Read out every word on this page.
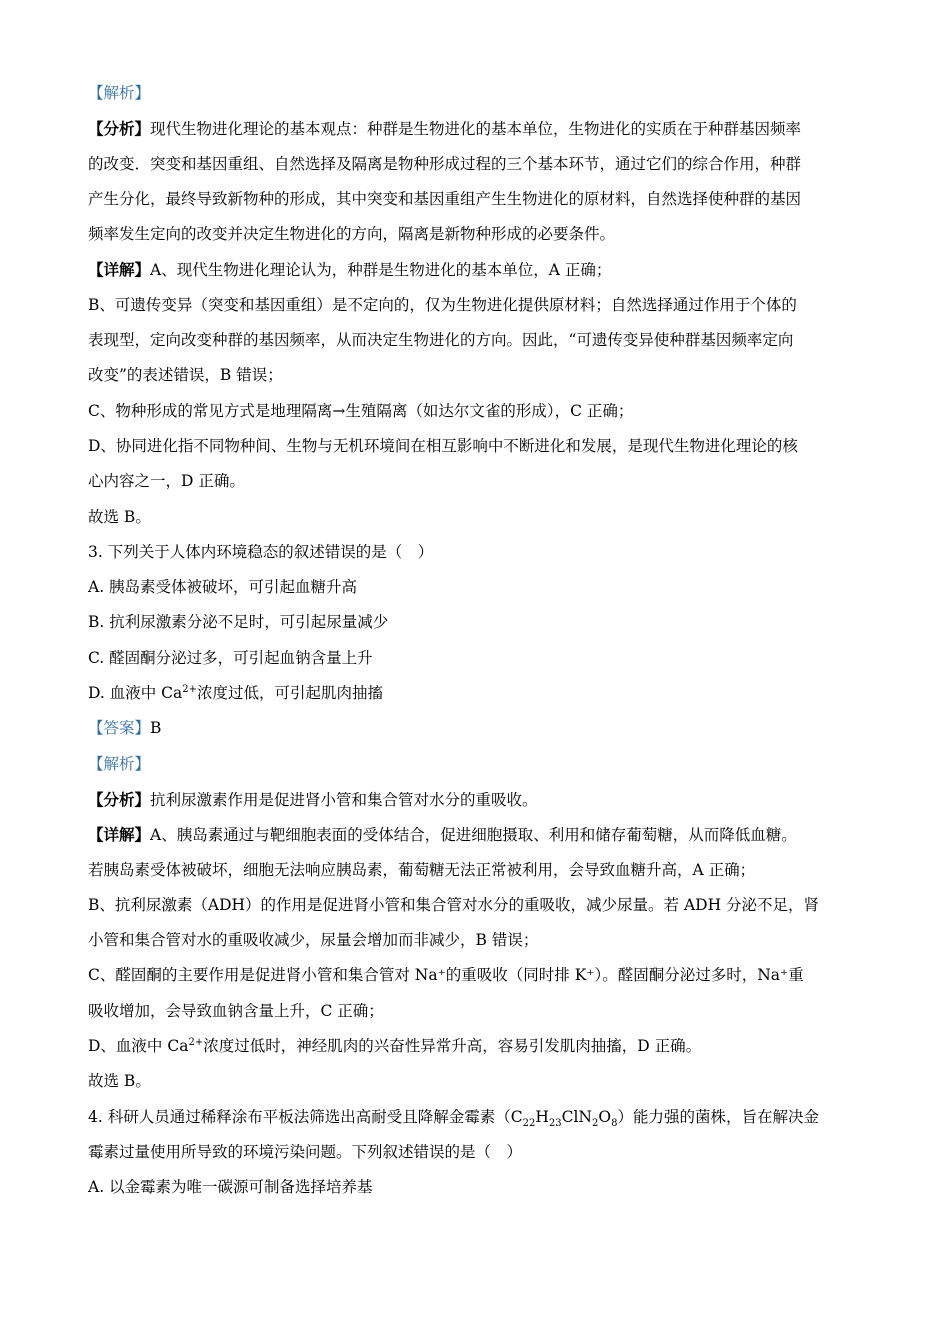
【解析】
【分析】现代生物进化理论的基本观点：种群是生物进化的基本单位，生物进化的实质在于种群基因频率
的改变．突变和基因重组、自然选择及隔离是物种形成过程的三个基本环节，通过它们的综合作用，种群
产生分化，最终导致新物种的形成，其中突变和基因重组产生生物进化的原材料，自然选择使种群的基因
频率发生定向的改变并决定生物进化的方向，隔离是新物种形成的必要条件。
【详解】A、现代生物进化理论认为，种群是生物进化的基本单位，A 正确；
B、可遗传变异（突变和基因重组）是不定向的，仅为生物进化提供原材料；自然选择通过作用于个体的
表现型，定向改变种群的基因频率，从而决定生物进化的方向。因此，“可遗传变异使种群基因频率定向
改变”的表述错误，B 错误；
C、物种形成的常见方式是地理隔离→生殖隔离（如达尔文雀的形成），C 正确；
D、协同进化指不同物种间、生物与无机环境间在相互影响中不断进化和发展，是现代生物进化理论的核
心内容之一，D 正确。
故选 B。
3. 下列关于人体内环境稳态的叙述错误的是（　）
A. 胰岛素受体被破坏，可引起血糖升高
B. 抗利尿激素分泌不足时，可引起尿量减少
C. 醛固酮分泌过多，可引起血钠含量上升
D. 血液中 $Ca^{2+}$浓度过低，可引起肌肉抽搐
【答案】B
【解析】
【分析】抗利尿激素作用是促进肾小管和集合管对水分的重吸收。
【详解】A、胰岛素通过与靶细胞表面的受体结合，促进细胞摄取、利用和储存葡萄糖，从而降低血糖。
若胰岛素受体被破坏，细胞无法响应胰岛素，葡萄糖无法正常被利用，会导致血糖升高，A 正确；
B、抗利尿激素（ADH）的作用是促进肾小管和集合管对水分的重吸收，减少尿量。若 ADH 分泌不足，肾
小管和集合管对水的重吸收减少，尿量会增加而非减少，B 错误；
C、醛固酮的主要作用是促进肾小管和集合管对 Na⁺的重吸收（同时排 K⁺）。醛固酮分泌过多时，Na⁺重
吸收增加，会导致血钠含量上升，C 正确；
D、血液中 $Ca^{2+}$浓度过低时，神经肌肉的兴奋性异常升高，容易引发肌肉抽搐，D 正确。
故选 B。
4. 科研人员通过稀释涂布平板法筛选出高耐受且降解金霉素$(C_{22}H_{23}ClN_2O_8)$能力强的菌株，旨在解决金
霉素过量使用所导致的环境污染问题。下列叙述错误的是（　）
A. 以金霉素为唯一碳源可制备选择培养基
